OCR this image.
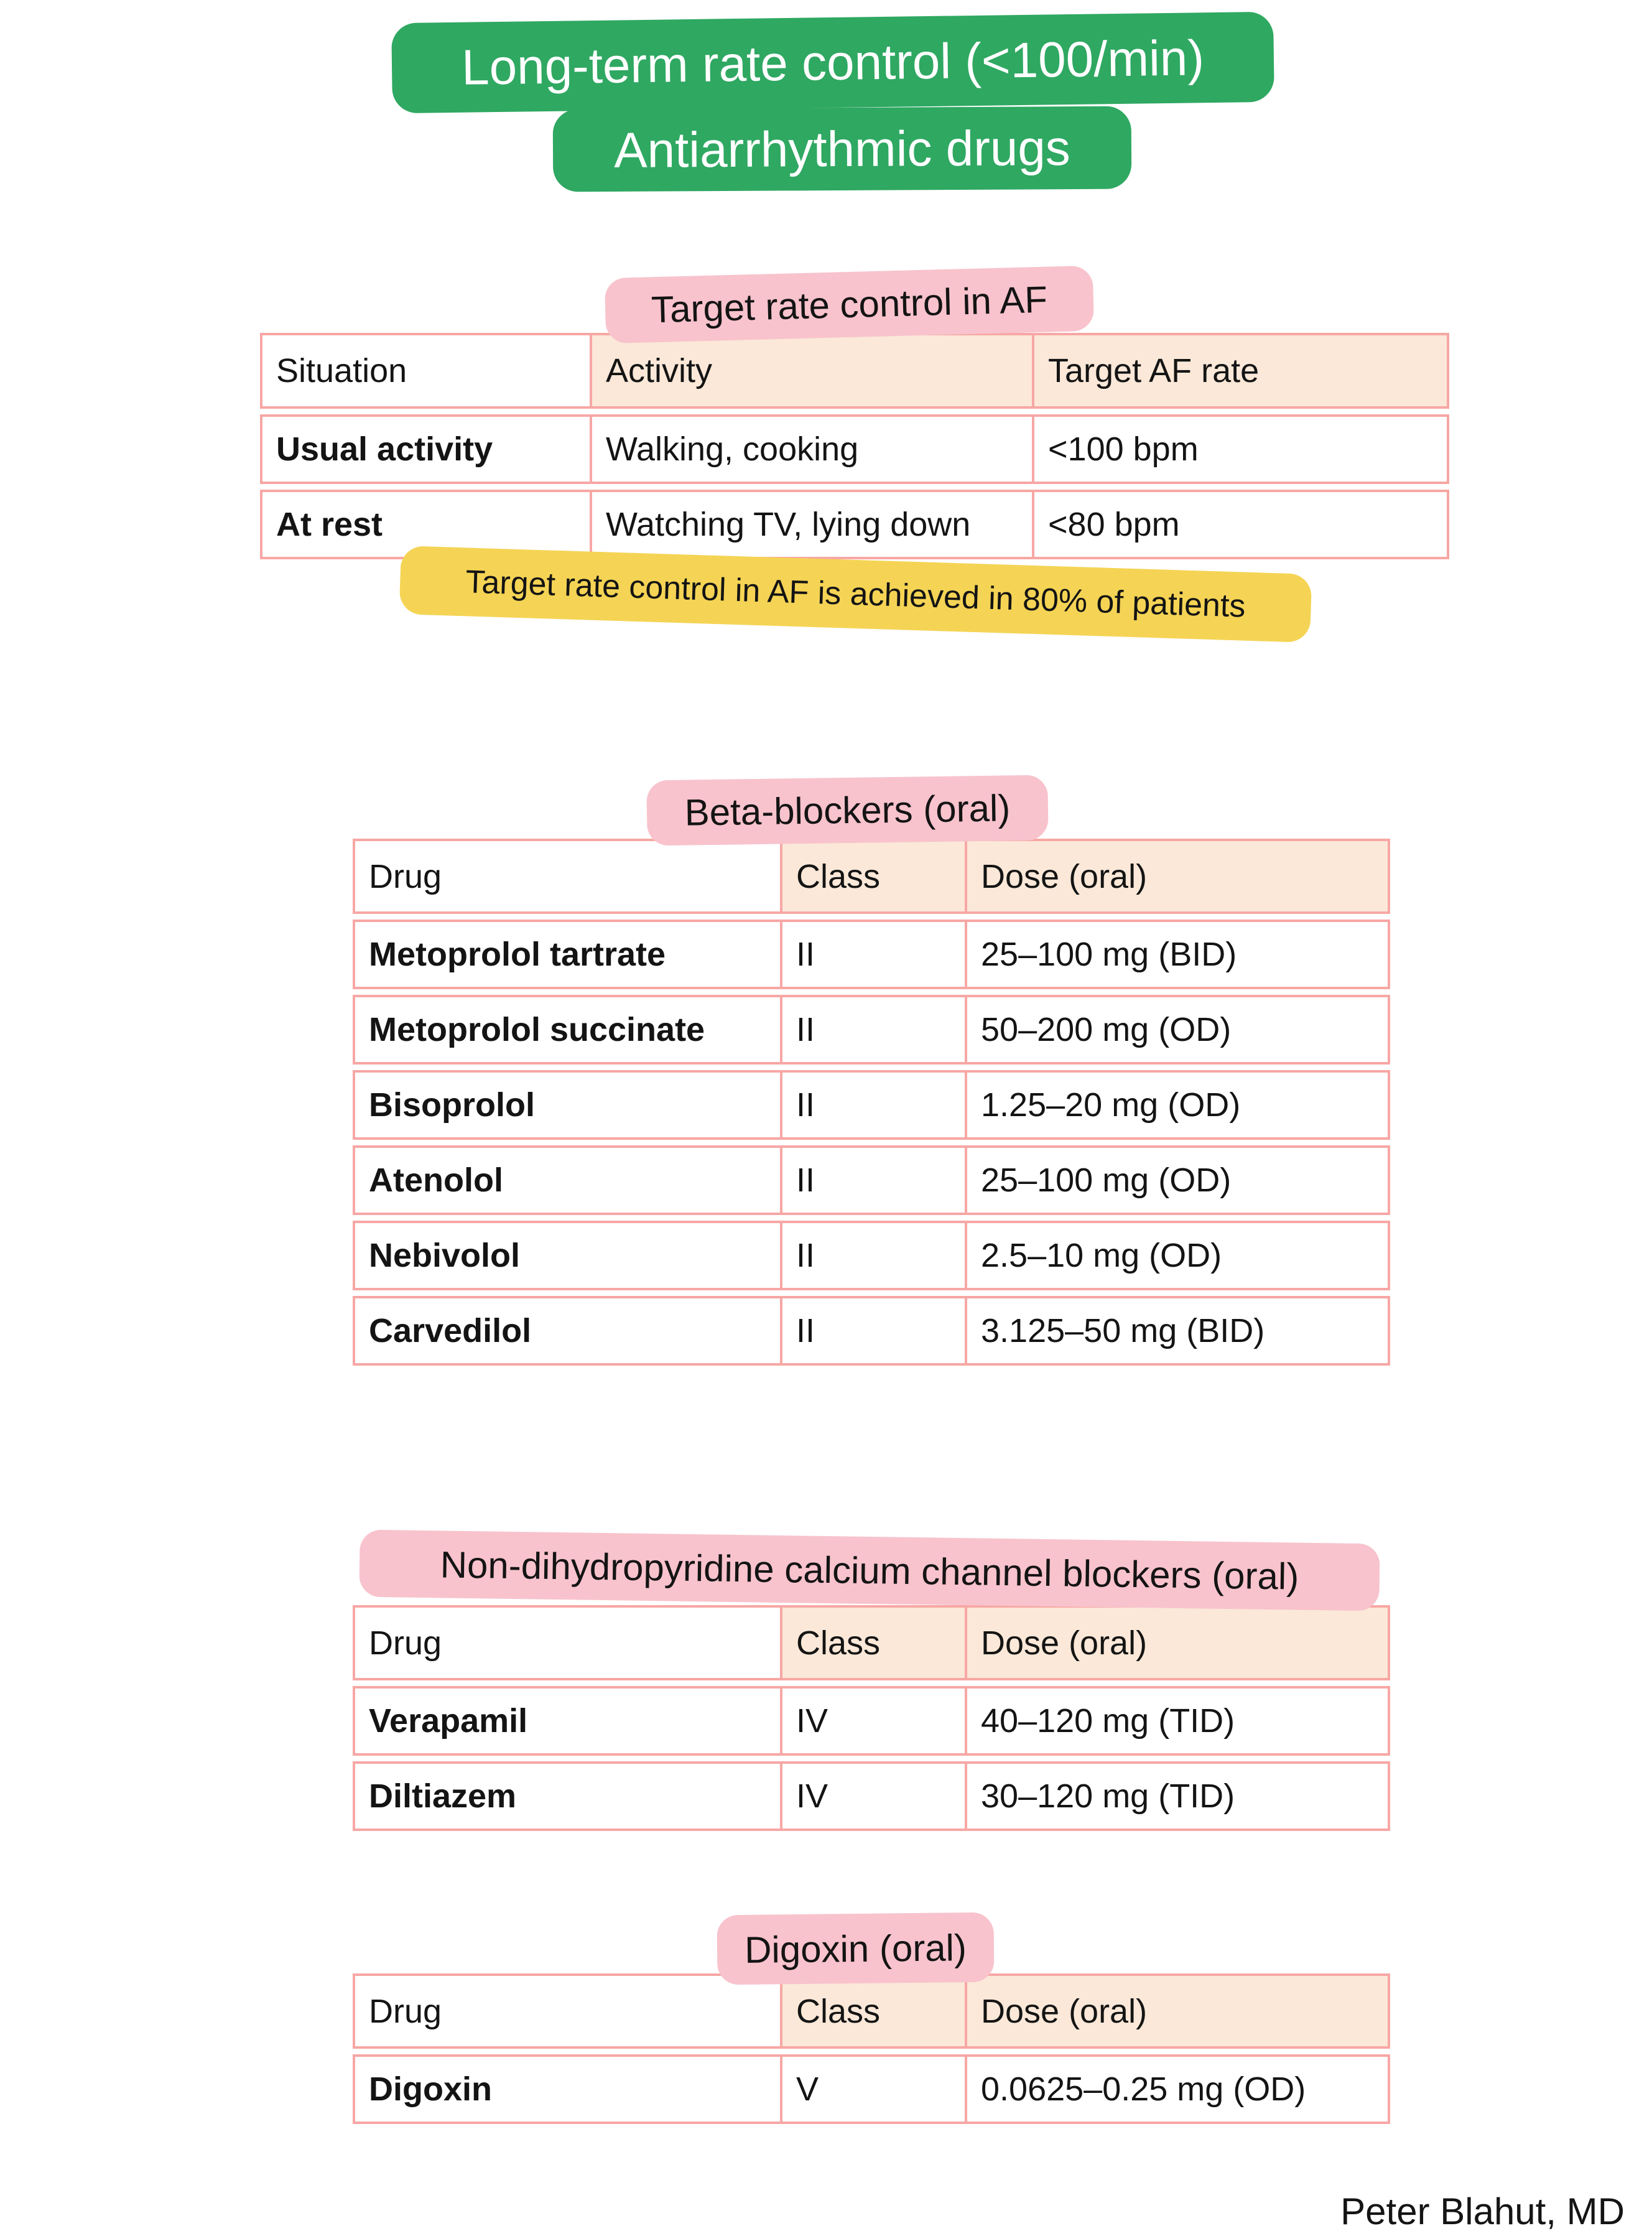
Long-term rate control (<100/min)
Antiarrhythmic drugs
Target rate control in AF
Situation	Activity	Target AF rate
Usual activity	Walking, cooking	<100 bpm
At rest	Watching TV, lying down	<80 bpm
Target rate control in AF is achieved in 80% of patients
Beta-blockers (oral)
Drug	Class	Dose (oral)
Metoprolol tartrate	II	25–100 mg (BID)
Metoprolol succinate	II	50–200 mg (OD)
Bisoprolol	II	1.25–20 mg (OD)
Atenolol	II	25–100 mg (OD)
Nebivolol	II	2.5–10 mg (OD)
Carvedilol	II	3.125–50 mg (BID)
Non-dihydropyridine calcium channel blockers (oral)
Drug	Class	Dose (oral)
Verapamil	IV	40–120 mg (TID)
Diltiazem	IV	30–120 mg (TID)
Digoxin (oral)
Drug	Class	Dose (oral)
Digoxin	V	0.0625–0.25 mg (OD)
Peter Blahut, MD
